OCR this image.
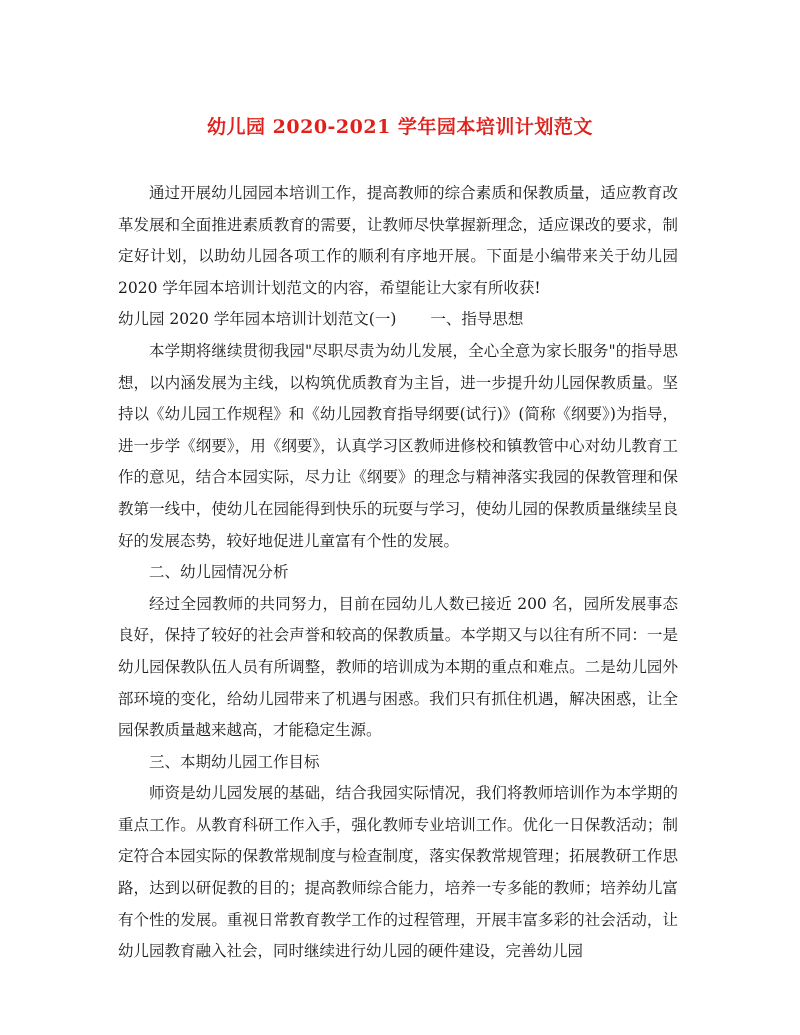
幼儿园 2020-2021 学年园本培训计划范文

通过开展幼儿园园本培训工作，提高教师的综合素质和保教质量，适应教育改革发展和全面推进素质教育的需要，让教师尽快掌握新理念，适应课改的要求，制定好计划，以助幼儿园各项工作的顺利有序地开展。下面是小编带来关于幼儿园 2020 学年园本培训计划范文的内容，希望能让大家有所收获!

幼儿园 2020 学年园本培训计划范文(一) 一、指导思想

本学期将继续贯彻我园"尽职尽责为幼儿发展，全心全意为家长服务"的指导思想，以内涵发展为主线，以构筑优质教育为主旨，进一步提升幼儿园保教质量。坚持以《幼儿园工作规程》和《幼儿园教育指导纲要(试行)》(简称《纲要》)为指导，进一步学《纲要》，用《纲要》，认真学习区教师进修校和镇教管中心对幼儿教育工作的意见，结合本园实际，尽力让《纲要》的理念与精神落实我园的保教管理和保教第一线中，使幼儿在园能得到快乐的玩耍与学习，使幼儿园的保教质量继续呈良好的发展态势，较好地促进儿童富有个性的发展。

二、幼儿园情况分析

经过全园教师的共同努力，目前在园幼儿人数已接近 200 名，园所发展事态良好，保持了较好的社会声誉和较高的保教质量。本学期又与以往有所不同：一是幼儿园保教队伍人员有所调整，教师的培训成为本期的重点和难点。二是幼儿园外部环境的变化，给幼儿园带来了机遇与困惑。我们只有抓住机遇，解决困惑，让全园保教质量越来越高，才能稳定生源。

三、本期幼儿园工作目标

师资是幼儿园发展的基础，结合我园实际情况，我们将教师培训作为本学期的重点工作。从教育科研工作入手，强化教师专业培训工作。优化一日保教活动；制定符合本园实际的保教常规制度与检查制度，落实保教常规管理；拓展教研工作思路，达到以研促教的目的；提高教师综合能力，培养一专多能的教师；培养幼儿富有个性的发展。重视日常教育教学工作的过程管理，开展丰富多彩的社会活动，让幼儿园教育融入社会，同时继续进行幼儿园的硬件建设，完善幼儿园
